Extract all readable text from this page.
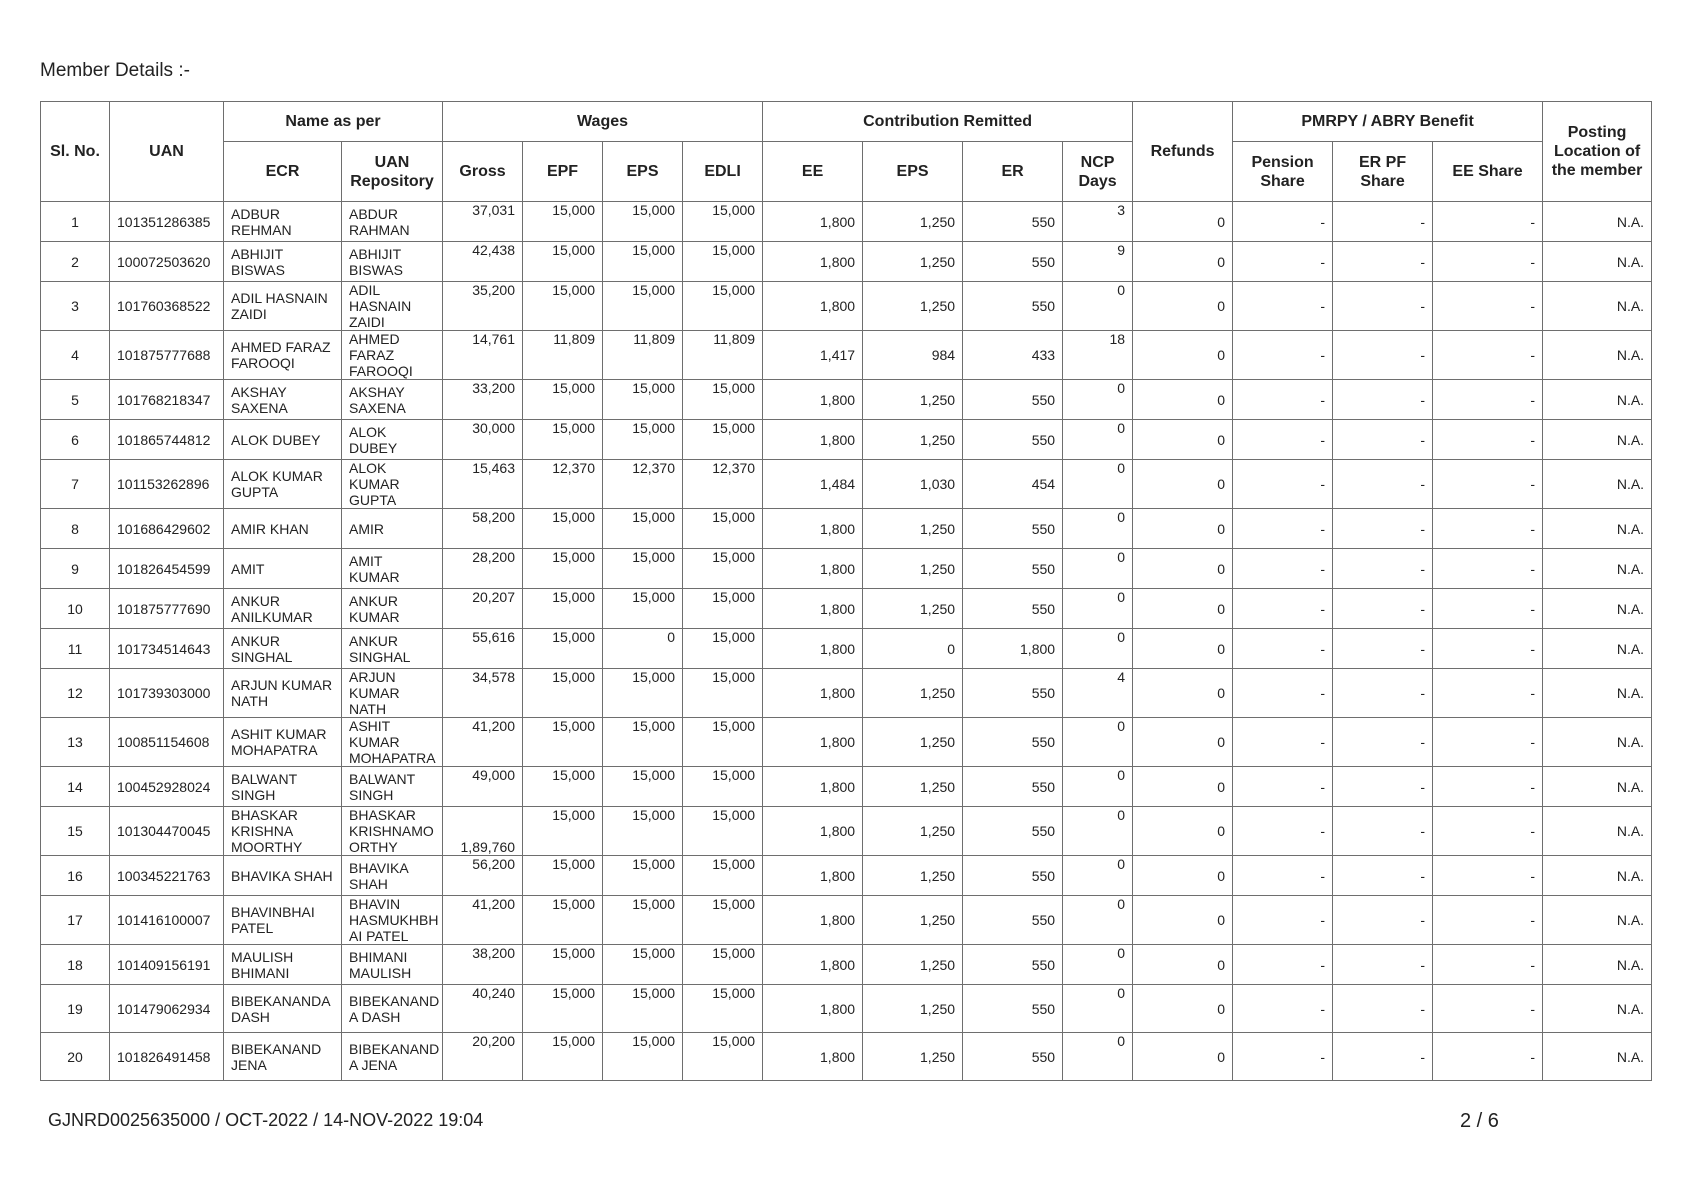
Member Details :-
Sl. No.	UAN	Name as per		Wages				Contribution Remitted				Refunds	PMRPY / ABRY Benefit			Posting Location of the member
		ECR	UAN Repository	Gross	EPF	EPS	EDLI	EE	EPS	ER	NCP Days		Pension Share	ER PF Share	EE Share	
1	101351286385	ADBUR REHMAN	ABDUR RAHMAN	37,031	15,000	15,000	15,000	1,800	1,250	550	3	0	-	-	-	N.A.
2	100072503620	ABHIJIT BISWAS	ABHIJIT BISWAS	42,438	15,000	15,000	15,000	1,800	1,250	550	9	0	-	-	-	N.A.
3	101760368522	ADIL HASNAIN ZAIDI	ADIL HASNAIN ZAIDI	35,200	15,000	15,000	15,000	1,800	1,250	550	0	0	-	-	-	N.A.
4	101875777688	AHMED FARAZ FAROOQI	AHMED FARAZ FAROOQI	14,761	11,809	11,809	11,809	1,417	984	433	18	0	-	-	-	N.A.
5	101768218347	AKSHAY SAXENA	AKSHAY SAXENA	33,200	15,000	15,000	15,000	1,800	1,250	550	0	0	-	-	-	N.A.
6	101865744812	ALOK DUBEY	ALOK DUBEY	30,000	15,000	15,000	15,000	1,800	1,250	550	0	0	-	-	-	N.A.
7	101153262896	ALOK KUMAR GUPTA	ALOK KUMAR GUPTA	15,463	12,370	12,370	12,370	1,484	1,030	454	0	0	-	-	-	N.A.
8	101686429602	AMIR KHAN	AMIR	58,200	15,000	15,000	15,000	1,800	1,250	550	0	0	-	-	-	N.A.
9	101826454599	AMIT	AMIT KUMAR	28,200	15,000	15,000	15,000	1,800	1,250	550	0	0	-	-	-	N.A.
10	101875777690	ANKUR ANILKUMAR	ANKUR KUMAR	20,207	15,000	15,000	15,000	1,800	1,250	550	0	0	-	-	-	N.A.
11	101734514643	ANKUR SINGHAL	ANKUR SINGHAL	55,616	15,000	0	15,000	1,800	0	1,800	0	0	-	-	-	N.A.
12	101739303000	ARJUN KUMAR NATH	ARJUN KUMAR NATH	34,578	15,000	15,000	15,000	1,800	1,250	550	4	0	-	-	-	N.A.
13	100851154608	ASHIT KUMAR MOHAPATRA	ASHIT KUMAR MOHAPATRA	41,200	15,000	15,000	15,000	1,800	1,250	550	0	0	-	-	-	N.A.
14	100452928024	BALWANT SINGH	BALWANT SINGH	49,000	15,000	15,000	15,000	1,800	1,250	550	0	0	-	-	-	N.A.
15	101304470045	BHASKAR KRISHNA MOORTHY	BHASKAR KRISHNAMO ORTHY	1,89,760	15,000	15,000	15,000	1,800	1,250	550	0	0	-	-	-	N.A.
16	100345221763	BHAVIKA SHAH	BHAVIKA SHAH	56,200	15,000	15,000	15,000	1,800	1,250	550	0	0	-	-	-	N.A.
17	101416100007	BHAVINBHAI PATEL	BHAVIN HASMUKHBH AI PATEL	41,200	15,000	15,000	15,000	1,800	1,250	550	0	0	-	-	-	N.A.
18	101409156191	MAULISH BHIMANI	BHIMANI MAULISH	38,200	15,000	15,000	15,000	1,800	1,250	550	0	0	-	-	-	N.A.
19	101479062934	BIBEKANANDA DASH	BIBEKANAND A DASH	40,240	15,000	15,000	15,000	1,800	1,250	550	0	0	-	-	-	N.A.
20	101826491458	BIBEKANAND JENA	BIBEKANAND A JENA	20,200	15,000	15,000	15,000	1,800	1,250	550	0	0	-	-	-	N.A.
GJNRD0025635000 / OCT-2022 / 14-NOV-2022 19:04	2 / 6
